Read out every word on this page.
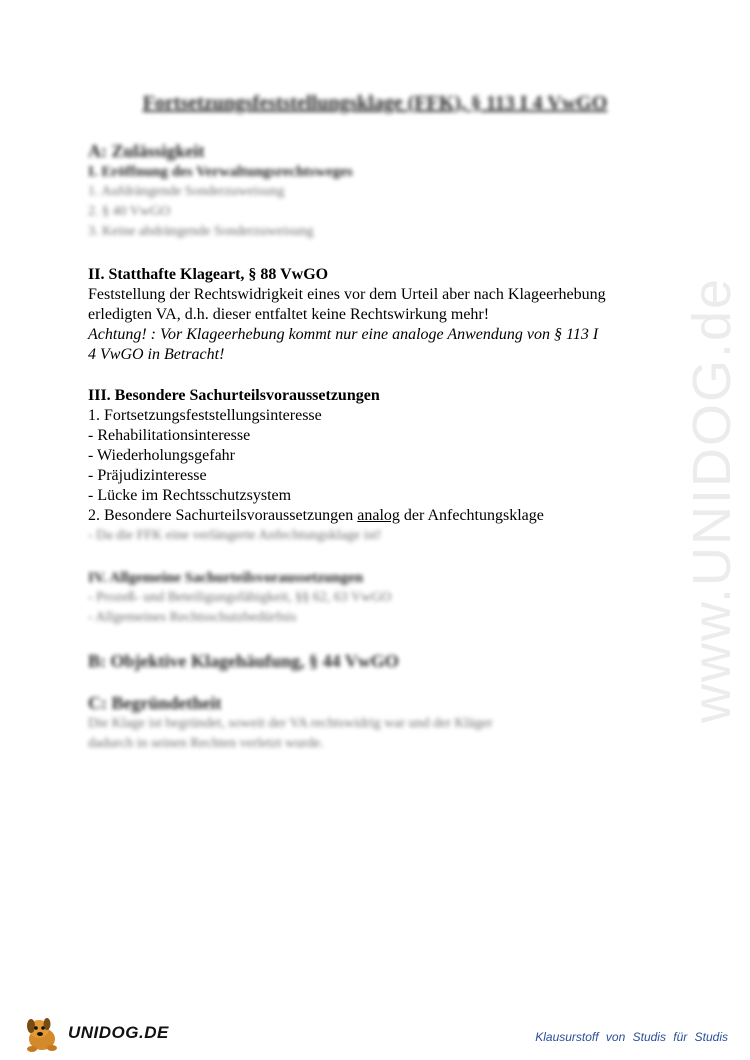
www.UNIDOG.de
Fortsetzungsfeststellungsklage (FFK), § 113 I 4 VwGO
A: Zulässigkeit
I. Eröffnung des Verwaltungsrechtsweges
1. Aufdrängende Sonderzuweisung
2. § 40 VwGO
3. Keine abdrängende Sonderzuweisung
II. Statthafte Klageart, § 88 VwGO
Feststellung der Rechtswidrigkeit eines vor dem Urteil aber nach Klageerhebung
erledigten VA, d.h. dieser entfaltet keine Rechtswirkung mehr!
Achtung! : Vor Klageerhebung kommt nur eine analoge Anwendung von § 113 I
4 VwGO in Betracht!
III. Besondere Sachurteilsvoraussetzungen
1. Fortsetzungsfeststellungsinteresse
- Rehabilitationsinteresse
- Wiederholungsgefahr
- Präjudizinteresse
- Lücke im Rechtsschutzsystem
2. Besondere Sachurteilsvoraussetzungen analog der Anfechtungsklage
- Da die FFK eine verlängerte Anfechtungsklage ist!
IV. Allgemeine Sachurteilsvoraussetzungen
- Prozeß- und Beteiligungsfähigkeit, §§ 62, 63 VwGO
- Allgemeines Rechtsschutzbedürfnis
B: Objektive Klagehäufung, § 44 VwGO
C: Begründetheit
Die Klage ist begründet, soweit der VA rechtswidrig war und der Kläger
dadurch in seinen Rechten verletzt wurde.
UNIDOG.DE	Klausurstoff von Studis für Studis
